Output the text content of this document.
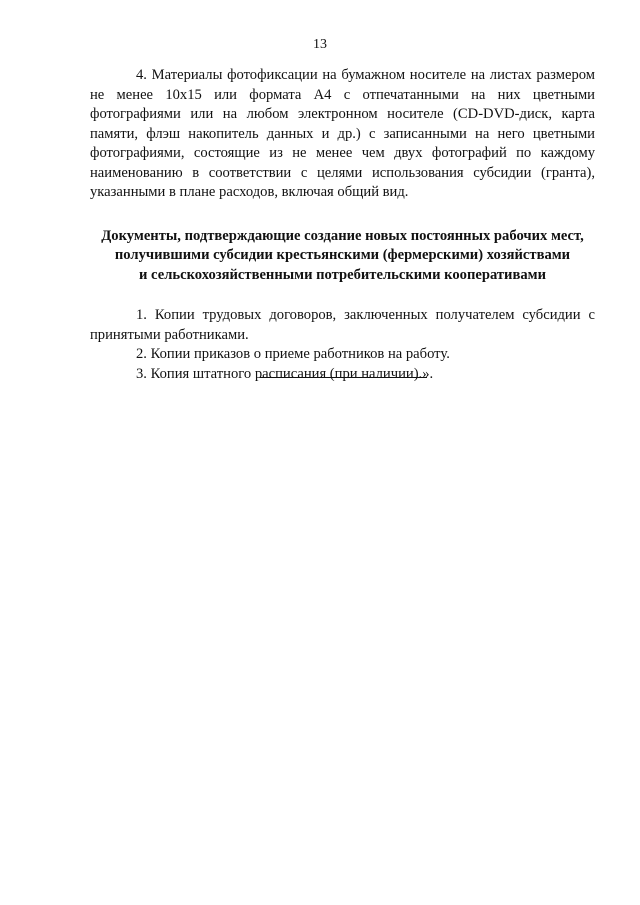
13

4. Материалы фотофиксации на бумажном носителе на листах размером не менее 10х15 или формата А4 с отпечатанными на них цветными фотографиями или на любом электронном носителе (CD-DVD-диск, карта памяти, флэш накопитель данных и др.) с записанными на него цветными фотографиями, состоящие из не менее чем двух фотографий по каждому наименованию в соответствии с целями использования субсидии (гранта), указанными в плане расходов, включая общий вид.

Документы, подтверждающие создание новых постоянных рабочих мест,
получившими субсидии крестьянскими (фермерскими) хозяйствами
и сельскохозяйственными потребительскими кооперативами

1. Копии трудовых договоров, заключенных получателем субсидии с принятыми работниками.

2. Копии приказов о приеме работников на работу.

3. Копия штатного расписания (при наличии).».
